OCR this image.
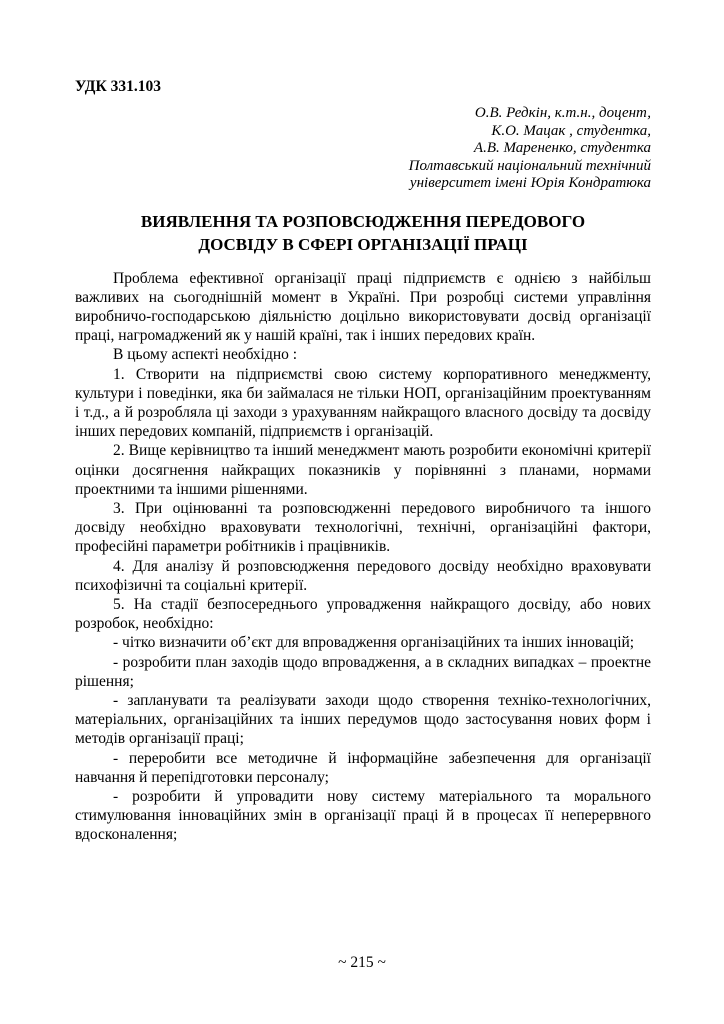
УДК 331.103

О.В. Редкін, к.т.н., доцент,
К.О. Мацак , студентка,
А.В. Марененко, студентка
Полтавський національний технічний
університет імені Юрія Кондратюка
ВИЯВЛЕННЯ ТА РОЗПОВСЮДЖЕННЯ ПЕРЕДОВОГО
ДОСВІДУ В СФЕРІ ОРГАНІЗАЦІЇ ПРАЦІ

Проблема ефективної організації праці підприємств є однією з найбільш важливих на сьогоднішній момент в Україні. При розробці системи управління виробничо-господарською діяльністю доцільно використовувати досвід організації праці, нагромаджений як у нашій країні, так і інших передових країн.

В цьому аспекті необхідно :

1. Створити на підприємстві свою систему корпоративного менеджменту, культури і поведінки, яка би займалася не тільки НОП, організаційним проектуванням і т.д., а й розробляла ці заходи з урахуванням найкращого власного досвіду та досвіду інших передових компаній, підприємств і організацій.

2. Вище керівництво та інший менеджмент мають розробити економічні критерії оцінки досягнення найкращих показників у порівнянні з планами, нормами проектними та іншими рішеннями.

3. При оцінюванні та розповсюдженні передового виробничого та іншого досвіду необхідно враховувати технологічні, технічні, організаційні фактори, професійні параметри робітників і працівників.

4. Для аналізу й розповсюдження передового досвіду необхідно враховувати психофізичні та соціальні критерії.

5. На стадії безпосереднього упровадження найкращого досвіду, або нових розробок, необхідно:

- чітко визначити об’єкт для впровадження організаційних та інших інновацій;

- розробити план заходів щодо впровадження, а в складних випадках – проектне рішення;

- запланувати та реалізувати заходи щодо створення техніко-технологічних, матеріальних, організаційних та інших передумов щодо застосування нових форм і методів організації праці;

- переробити все методичне й інформаційне забезпечення для організації навчання й перепідготовки персоналу;

- розробити й упровадити нову систему матеріального та морального стимулювання інноваційних змін в організації праці й в процесах її неперервного вдосконалення;

~ 215 ~
